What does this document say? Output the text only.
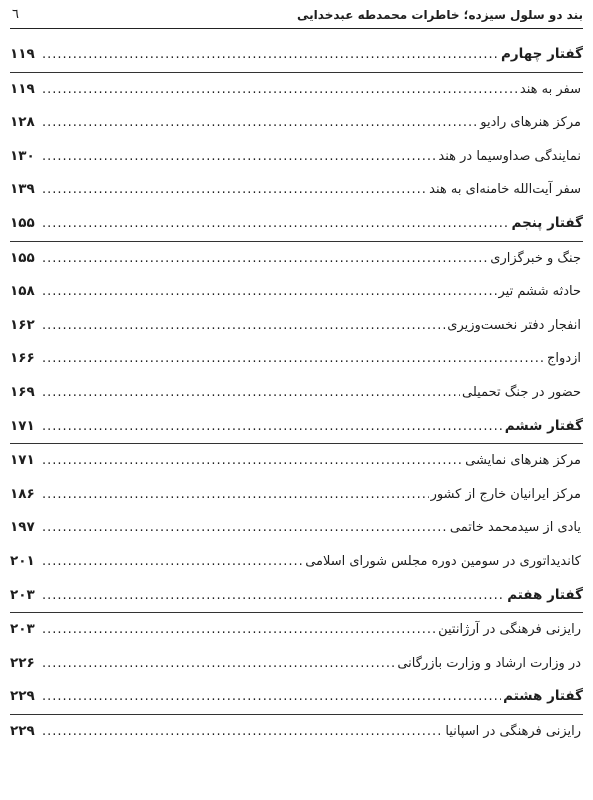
بند دو سلول سیزده؛ خاطرات محمدطه عبدخدایی
٦
گفتار چهارم
.....
۱۱۹
سفر به هند
.....
۱۱۹
مرکز هنرهای رادیو
.....
۱۲۸
نمایندگی صداوسیما در هند
.....
۱۳۰
سفر آیت‌الله خامنه‌ای به هند
.....
۱۳۹
گفتار پنجم
.....
۱۵۵
جنگ و خبرگزاری
.....
۱۵۵
حادثه ششم تیر
.....
۱۵۸
انفجار دفتر نخست‌وزیری
.....
۱۶۲
ازدواج
.....
۱۶۶
حضور در جنگ تحمیلی
.....
۱۶۹
گفتار ششم
.....
۱۷۱
مرکز هنرهای نمایشی
.....
۱۷۱
مرکز ایرانیان خارج از کشور
.....
۱۸۶
یادی از سیدمحمد خاتمی
.....
۱۹۷
کاندیداتوری در سومین دوره مجلس شورای اسلامی
.....
۲۰۱
گفتار هفتم
.....
۲۰۳
رایزنی فرهنگی در آرژانتین
.....
۲۰۳
در وزارت ارشاد و وزارت بازرگانی
.....
۲۲۶
گفتار هشتم
.....
۲۲۹
رایزنی فرهنگی در اسپانیا
.....
۲۲۹
